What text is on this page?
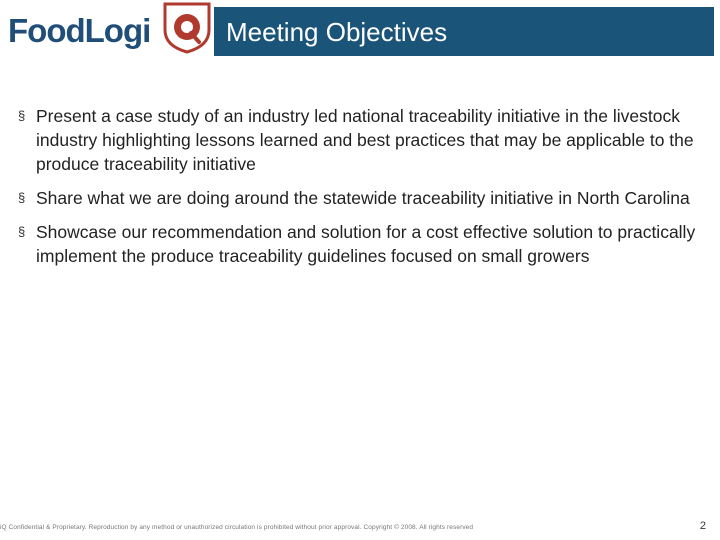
FoodLogi	Meeting Objectives
§ Present a case study of an industry led national traceability initiative in the livestock industry highlighting lessons learned and best practices that may be applicable to the produce traceability initiative
§ Share what we are doing around the statewide traceability initiative in North Carolina
§ Showcase our recommendation and solution for a cost effective solution to practically implement the produce traceability guidelines focused on small growers
iQ Confidential & Proprietary. Reproduction by any method or unauthorized circulation is prohibited without prior approval. Copyright © 2008. All rights reserved	2
